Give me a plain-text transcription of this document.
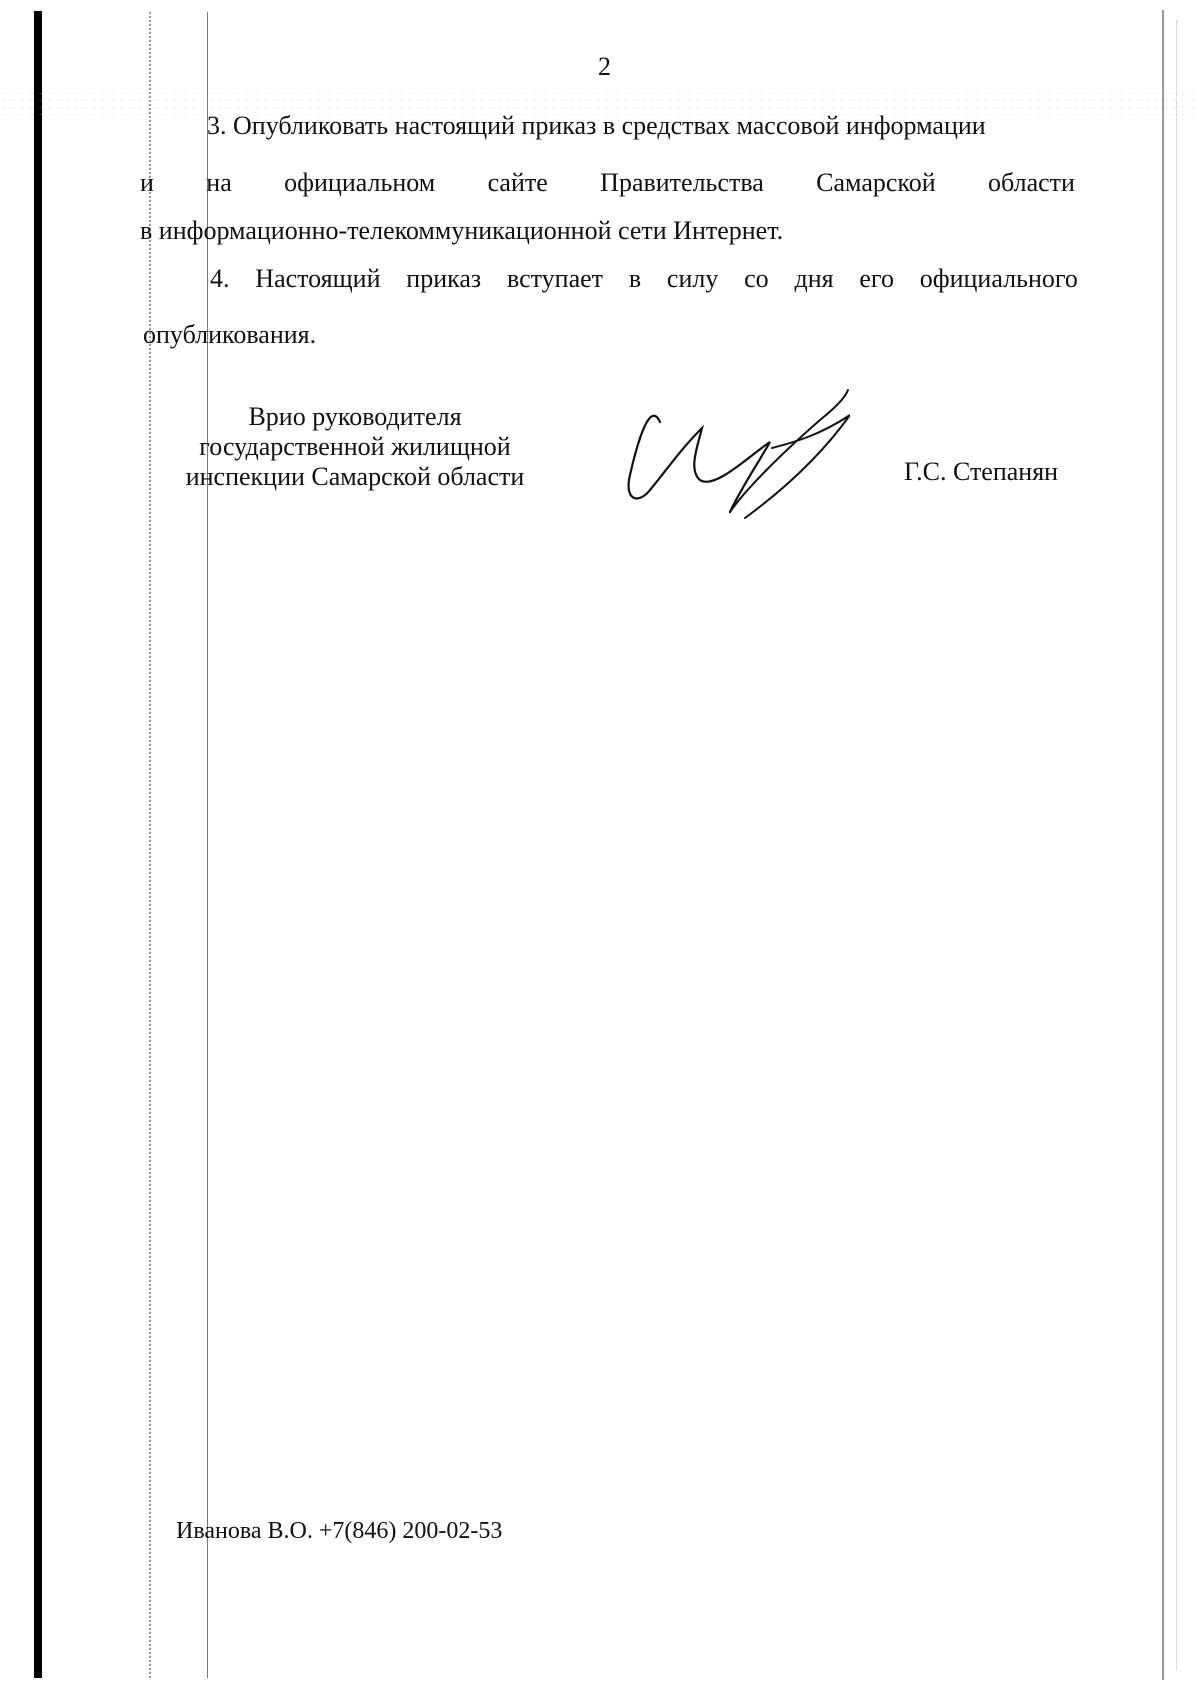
2
3. Опубликовать настоящий приказ в средствах массовой информации
и на официальном сайте Правительства Самарской области
в информационно-телекоммуникационной сети Интернет.
4. Настоящий приказ вступает в силу со дня его официального
опубликования.
Врио руководителя
государственной жилищной
инспекции Самарской области	Г.С. Степанян
Иванова В.О. +7(846) 200-02-53
